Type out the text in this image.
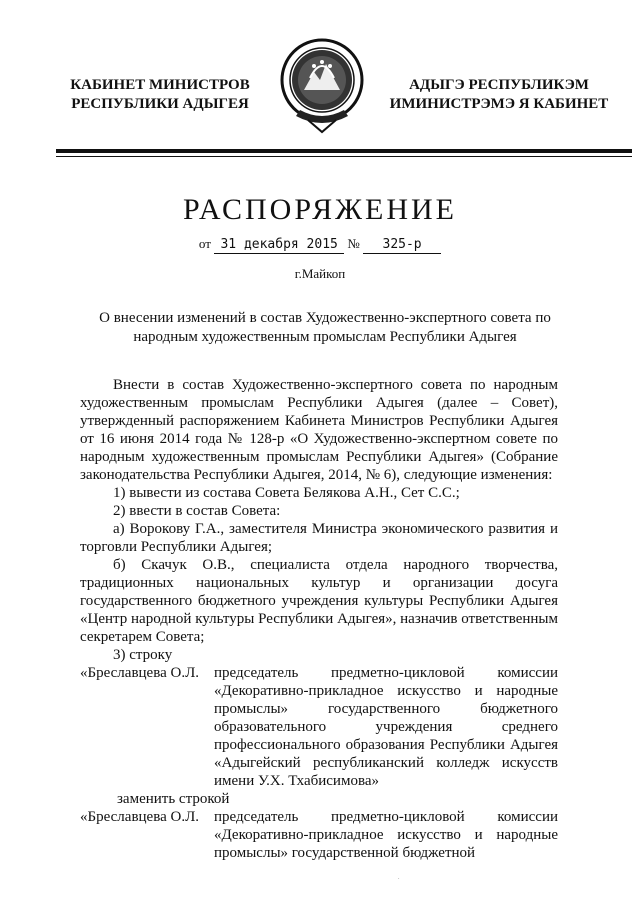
КАБИНЕТ МИНИСТРОВ
РЕСПУБЛИКИ АДЫГЕЯ
АДЫГЭ РЕСПУБЛИКЭМ
ИМИНИСТРЭМЭ Я КАБИНЕТ
РАСПОРЯЖЕНИЕ
от 31 декабря 2015 № 325-р
г.Майкоп
О внесении изменений в состав Художественно-экспертного совета по народным художественным промыслам Республики Адыгея

Внести в состав Художественно-экспертного совета по народным художественным промыслам Республики Адыгея (далее – Совет), утвержденный распоряжением Кабинета Министров Республики Адыгея от 16 июня 2014 года № 128-р «О Художественно-экспертном совете по народным художественным промыслам Республики Адыгея» (Собрание законодательства Республики Адыгея, 2014, № 6), следующие изменения:

1) вывести из состава Совета Белякова А.Н., Сет С.С.;

2) ввести в состав Совета:

а) Ворокову Г.А., заместителя Министра экономического развития и торговли Республики Адыгея;

б) Скачук О.В., специалиста отдела народного творчества, традиционных национальных культур и организации досуга государственного бюджетного учреждения культуры Республики Адыгея «Центр народной культуры Республики Адыгея», назначив ответственным секретарем Совета;

3) строку

«Бреславцева О.Л. председатель предметно-цикловой комиссии «Декоративно-прикладное искусство и народные промыслы» государственного бюджетного образовательного учреждения среднего профессионального образования Республики Адыгея «Адыгейский республиканский колледж искусств имени У.Х. Тхабисимова»

заменить строкой

«Бреславцева О.Л. председатель предметно-цикловой комиссии «Декоративно-прикладное искусство и народные промыслы» государственной бюджетной
.
